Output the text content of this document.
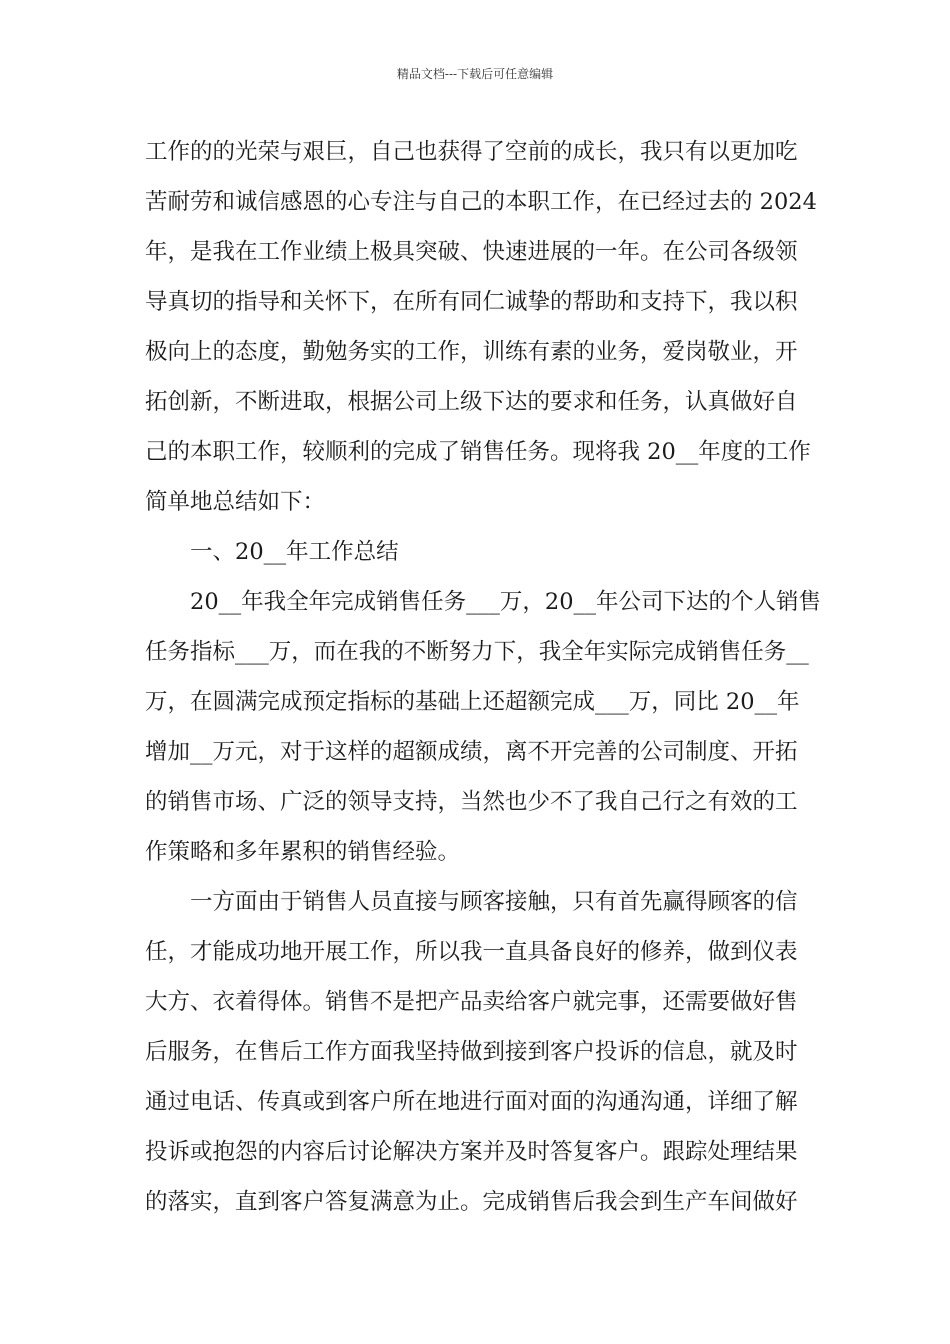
精品文档---下载后可任意编辑
工作的的光荣与艰巨，自己也获得了空前的成长，我只有以更加吃
苦耐劳和诚信感恩的心专注与自己的本职工作，在已经过去的 2024
年，是我在工作业绩上极具突破、快速进展的一年。在公司各级领
导真切的指导和关怀下，在所有同仁诚挚的帮助和支持下，我以积
极向上的态度，勤勉务实的工作，训练有素的业务，爱岗敬业，开
拓创新，不断进取，根据公司上级下达的要求和任务，认真做好自
己的本职工作，较顺利的完成了销售任务。现将我 20__年度的工作
简单地总结如下：
　　一、20__年工作总结
　　20__年我全年完成销售任务___万，20__年公司下达的个人销售
任务指标___万，而在我的不断努力下，我全年实际完成销售任务__
万，在圆满完成预定指标的基础上还超额完成___万，同比 20__年
增加__万元，对于这样的超额成绩，离不开完善的公司制度、开拓
的销售市场、广泛的领导支持，当然也少不了我自己行之有效的工
作策略和多年累积的销售经验。
　　一方面由于销售人员直接与顾客接触，只有首先赢得顾客的信
任，才能成功地开展工作，所以我一直具备良好的修养，做到仪表
大方、衣着得体。销售不是把产品卖给客户就完事，还需要做好售
后服务，在售后工作方面我坚持做到接到客户投诉的信息，就及时
通过电话、传真或到客户所在地进行面对面的沟通沟通，详细了解
投诉或抱怨的内容后讨论解决方案并及时答复客户。跟踪处理结果
的落实，直到客户答复满意为止。完成销售后我会到生产车间做好
